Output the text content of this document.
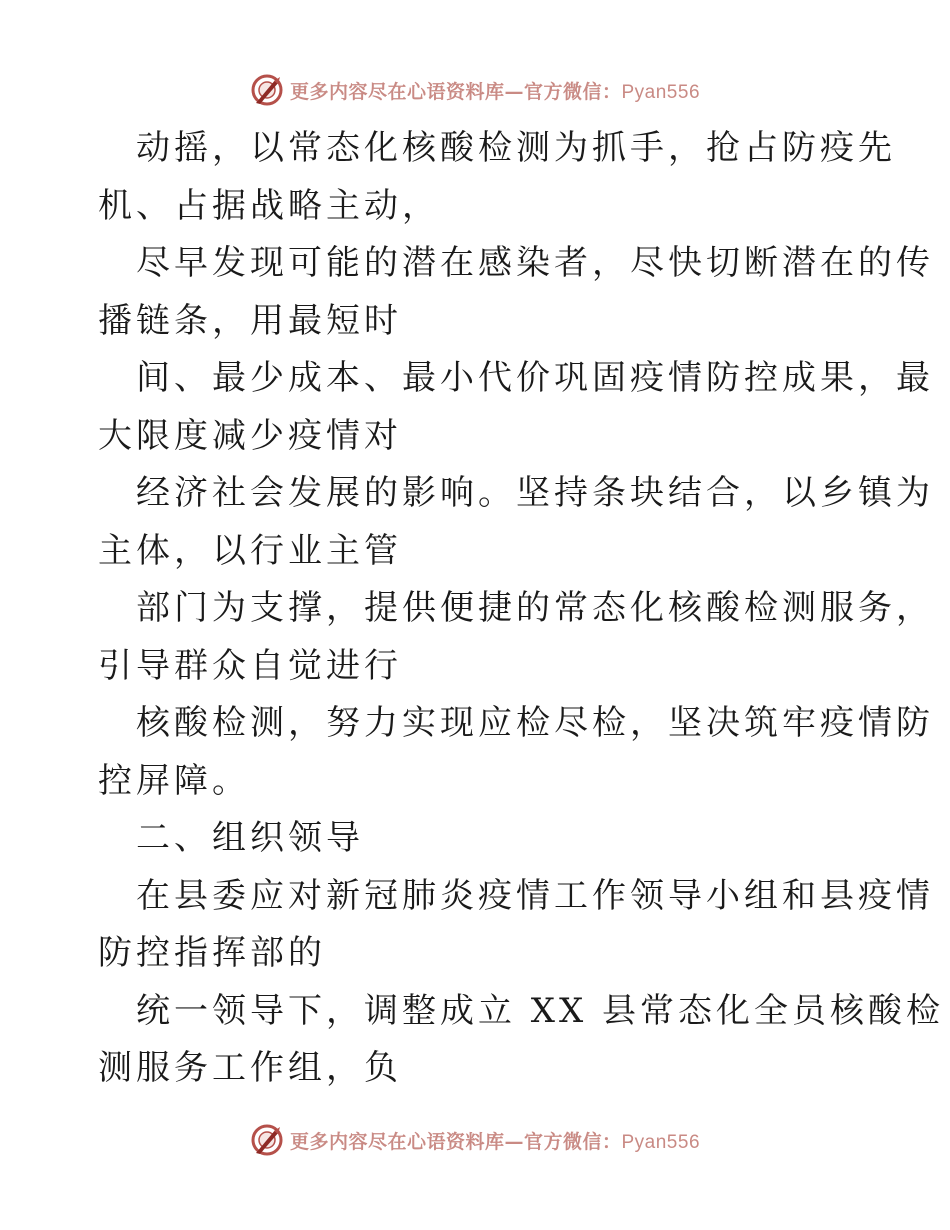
更多内容尽在心语资料库—官方微信：Pyan556
动摇，以常态化核酸检测为抓手，抢占防疫先
机、占据战略主动，
尽早发现可能的潜在感染者，尽快切断潜在的传
播链条，用最短时
间、最少成本、最小代价巩固疫情防控成果，最
大限度减少疫情对
经济社会发展的影响。坚持条块结合，以乡镇为
主体，以行业主管
部门为支撑，提供便捷的常态化核酸检测服务，
引导群众自觉进行
核酸检测，努力实现应检尽检，坚决筑牢疫情防
控屏障。
二、组织领导
在县委应对新冠肺炎疫情工作领导小组和县疫情
防控指挥部的
统一领导下，调整成立 XX 县常态化全员核酸检
测服务工作组，负
更多内容尽在心语资料库—官方微信：Pyan556
